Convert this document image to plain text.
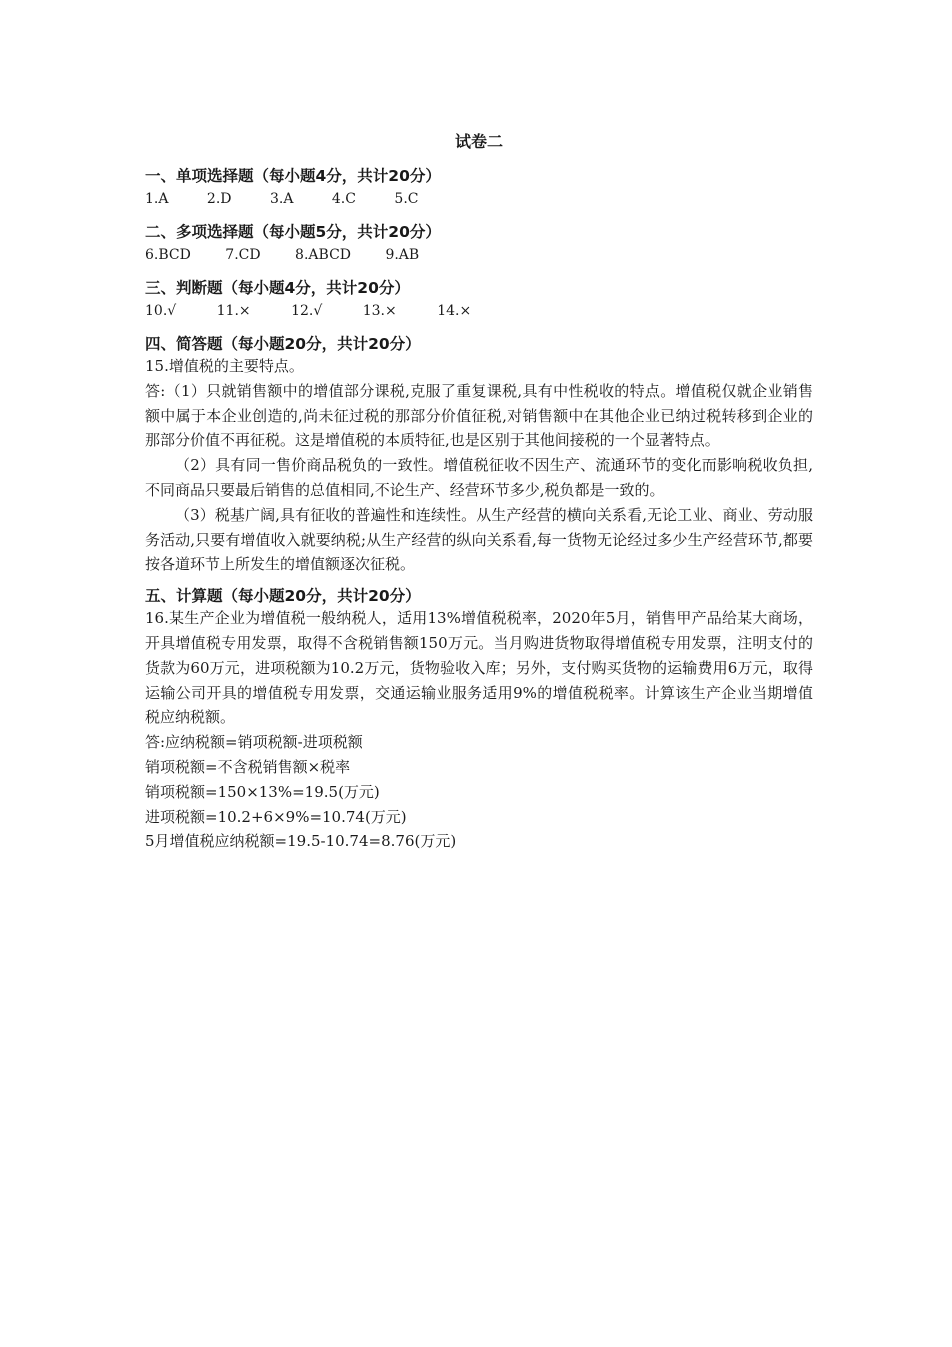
试卷二
一、单项选择题（每小题4分，共计20分）
1.A	2.D	3.A	4.C	5.C
二、多项选择题（每小题5分，共计20分）
6.BCD 7.CD 8.ABCD 9.AB
三、判断题（每小题4分，共计20分）
10.√	11.×	12.√	13.×	14.×
四、简答题（每小题20分，共计20分）

15.增值税的主要特点。

答:（1）只就销售额中的增值部分课税,克服了重复课税,具有中性税收的特点。增值税仅就企业销售额中属于本企业创造的,尚未征过税的那部分价值征税,对销售额中在其他企业已纳过税转移到企业的那部分价值不再征税。这是增值税的本质特征,也是区别于其他间接税的一个显著特点。

（2）具有同一售价商品税负的一致性。增值税征收不因生产、流通环节的变化而影响税收负担,不同商品只要最后销售的总值相同,不论生产、经营环节多少,税负都是一致的。

（3）税基广阔,具有征收的普遍性和连续性。从生产经营的横向关系看,无论工业、商业、劳动服务活动,只要有增值收入就要纳税;从生产经营的纵向关系看,每一货物无论经过多少生产经营环节,都要按各道环节上所发生的增值额逐次征税。

五、计算题（每小题20分，共计20分）

16.某生产企业为增值税一般纳税人，适用13%增值税税率，2020年5月，销售甲产品给某大商场，开具增值税专用发票，取得不含税销售额150万元。当月购进货物取得增值税专用发票，注明支付的货款为60万元，进项税额为10.2万元，货物验收入库；另外，支付购买货物的运输费用6万元，取得运输公司开具的增值税专用发票，交通运输业服务适用9%的增值税税率。计算该生产企业当期增值税应纳税额。

答:应纳税额=销项税额-进项税额
销项税额=不含税销售额×税率
销项税额=150×13%=19.5(万元)
进项税额=10.2+6×9%=10.74(万元)
5月增值税应纳税额=19.5-10.74=8.76(万元)
